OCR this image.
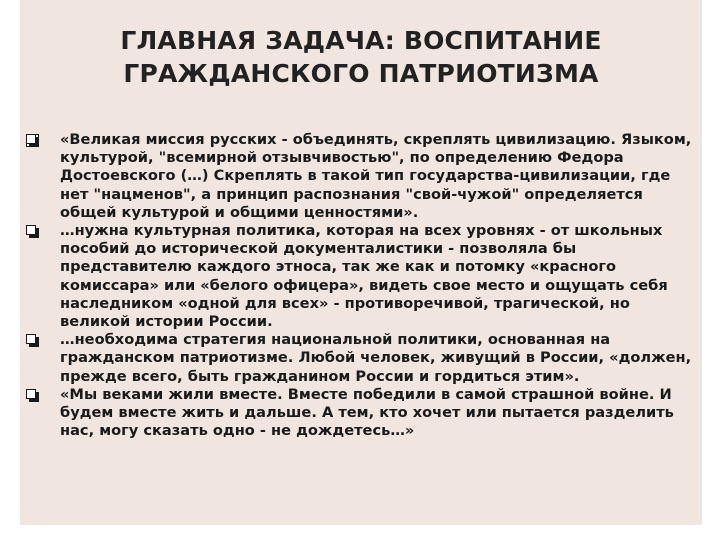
ГЛАВНАЯ ЗАДАЧА: ВОСПИТАНИЕ
ГРАЖДАНСКОГО ПАТРИОТИЗМА
«Великая миссия русских - объединять, скреплять цивилизацию. Языком, культурой, "всемирной отзывчивостью", по определению Федора Достоевского (…) Скреплять в такой тип государства-цивилизации, где нет "нацменов", а принцип распознания "свой-чужой" определяется общей культурой и общими ценностями».
…нужна культурная политика, которая на всех уровнях - от школьных пособий до исторической документалистики - позволяла бы представителю каждого этноса, так же как и потомку «красного комиссара» или «белого офицера», видеть свое место и ощущать себя наследником «одной для всех» - противоречивой, трагической, но великой истории России.
…необходима стратегия национальной политики, основанная на гражданском патриотизме. Любой человек, живущий в России, «должен, прежде всего, быть гражданином России и гордиться этим».
«Мы веками жили вместе. Вместе победили в самой страшной войне. И будем вместе жить и дальше. А тем, кто хочет или пытается разделить нас, могу сказать одно - не дождетесь…»
